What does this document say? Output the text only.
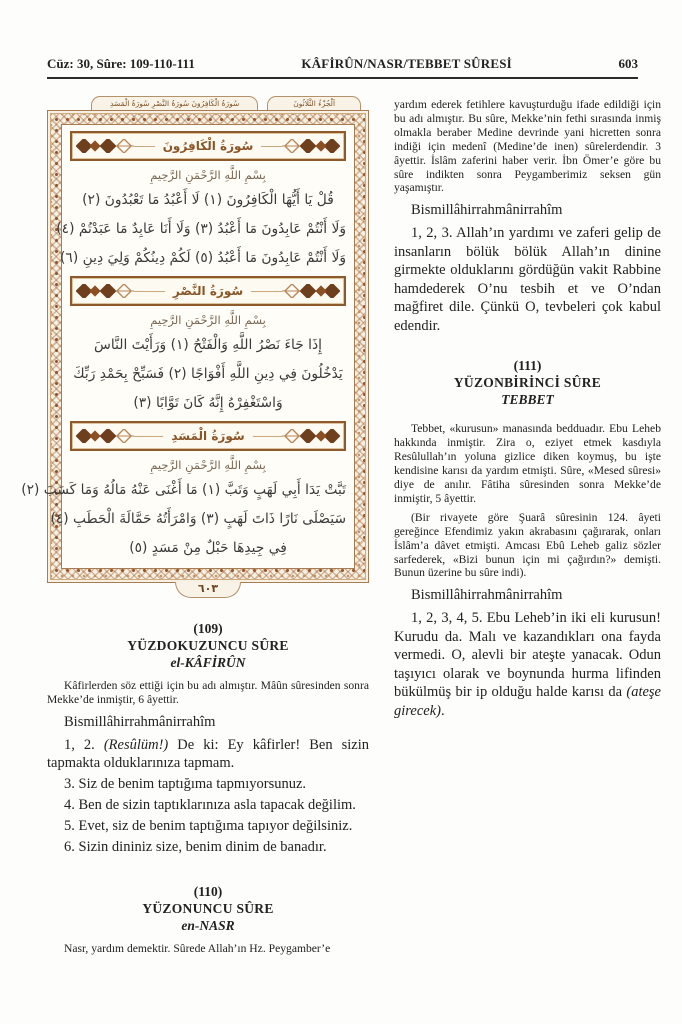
Cüz: 30, Sûre: 109-110-111	KÂFİRÛN/NASR/TEBBET SÛRESİ	603
سُورَةُ الْكَافِرُونَ سُورَةُ النَّصْرِ سُورَةُ الْمَسَدِ	اَلْجُزْءُ الثَّلَاثُونَ
سُورَةُ الْكَافِرُونَ
بِسْمِ اللَّهِ الرَّحْمَنِ الرَّحِيمِ
قُلْ يَا أَيُّهَا الْكَافِرُونَ (١) لَا أَعْبُدُ مَا تَعْبُدُونَ (٢)
وَلَا أَنْتُمْ عَابِدُونَ مَا أَعْبُدُ (٣) وَلَا أَنَا عَابِدٌ مَا عَبَدْتُمْ (٤)
وَلَا أَنْتُمْ عَابِدُونَ مَا أَعْبُدُ (٥) لَكُمْ دِينُكُمْ وَلِيَ دِينِ (٦)
سُورَةُ النَّصْرِ
بِسْمِ اللَّهِ الرَّحْمَنِ الرَّحِيمِ
إِذَا جَاءَ نَصْرُ اللَّهِ وَالْفَتْحُ (١) وَرَأَيْتَ النَّاسَ
يَدْخُلُونَ فِي دِينِ اللَّهِ أَفْوَاجًا (٢) فَسَبِّحْ بِحَمْدِ رَبِّكَ
وَاسْتَغْفِرْهُ إِنَّهُ كَانَ تَوَّابًا (٣)
سُورَةُ الْمَسَدِ
بِسْمِ اللَّهِ الرَّحْمَنِ الرَّحِيمِ
تَبَّتْ يَدَا أَبِي لَهَبٍ وَتَبَّ (١) مَا أَغْنَى عَنْهُ مَالُهُ وَمَا كَسَبَ (٢)
سَيَصْلَى نَارًا ذَاتَ لَهَبٍ (٣) وَامْرَأَتُهُ حَمَّالَةَ الْحَطَبِ (٤)
فِي جِيدِهَا حَبْلٌ مِنْ مَسَدٍ (٥)
٦٠٣
(109)
YÜZDOKUZUNCU SÛRE
el-KÂFİRÛN

Kâfirlerden söz ettiği için bu adı almıştır. Mâûn sûresinden sonra Mekke’de inmiştir, 6 âyettir.

Bismillâhirrahmânirrahîm

1, 2. (Resûlüm!) De ki: Ey kâfirler! Ben sizin tapmakta olduklarınıza tapmam.

3. Siz de benim taptığıma tapmıyorsunuz.

4. Ben de sizin taptıklarınıza asla tapacak değilim.

5. Evet, siz de benim taptığıma tapıyor değilsiniz.

6. Sizin dininiz size, benim dinim de banadır.

(110)
YÜZONUNCU SÛRE
en-NASR

Nasr, yardım demektir. Sûrede Allah’ın Hz. Peygamber’e

yardım ederek fetihlere kavuşturduğu ifade edildiği için bu adı almıştır. Bu sûre, Mekke’nin fethi sırasında inmiş olmakla beraber Medine devrinde yani hicretten sonra indiği için medenî (Medine’de inen) sûrelerdendir. 3 âyettir. İslâm zaferini haber verir. İbn Ömer’e göre bu sûre indikten sonra Peygamberimiz seksen gün yaşamıştır.

Bismillâhirrahmânirrahîm

1, 2, 3. Allah’ın yardımı ve zaferi gelip de insanların bölük bölük Allah’ın dinine girmekte olduklarını gördüğün vakit Rabbine hamdederek O’nu tesbih et ve O’ndan mağfiret dile. Çünkü O, tevbeleri çok kabul edendir.

(111)
YÜZONBİRİNCİ SÛRE
TEBBET

Tebbet, «kurusun» manasında bedduadır. Ebu Leheb hakkında inmiştir. Zira o, eziyet etmek kasdıyla Resûlullah’ın yoluna gizlice diken koymuş, bu işte kendisine karısı da yardım etmişti. Sûre, «Mesed sûresi» diye de anılır. Fâtiha sûresinden sonra Mekke’de inmiştir, 5 âyettir.

(Bir rivayete göre Şuarâ sûresinin 124. âyeti gereğince Efendimiz yakın akrabasını çağırarak, onları İslâm’a dâvet etmişti. Amcası Ebû Leheb galiz sözler sarfederek, «Bizi bunun için mi çağırdın?» demişti. Bunun üzerine bu sûre indi).

Bismillâhirrahmânirrahîm

1, 2, 3, 4, 5. Ebu Leheb’in iki eli kurusun! Kurudu da. Malı ve kazandıkları ona fayda vermedi. O, alevli bir ateşte yanacak. Odun taşıyıcı olarak ve boynunda hurma lifinden bükülmüş bir ip olduğu halde karısı da (ateşe girecek).
